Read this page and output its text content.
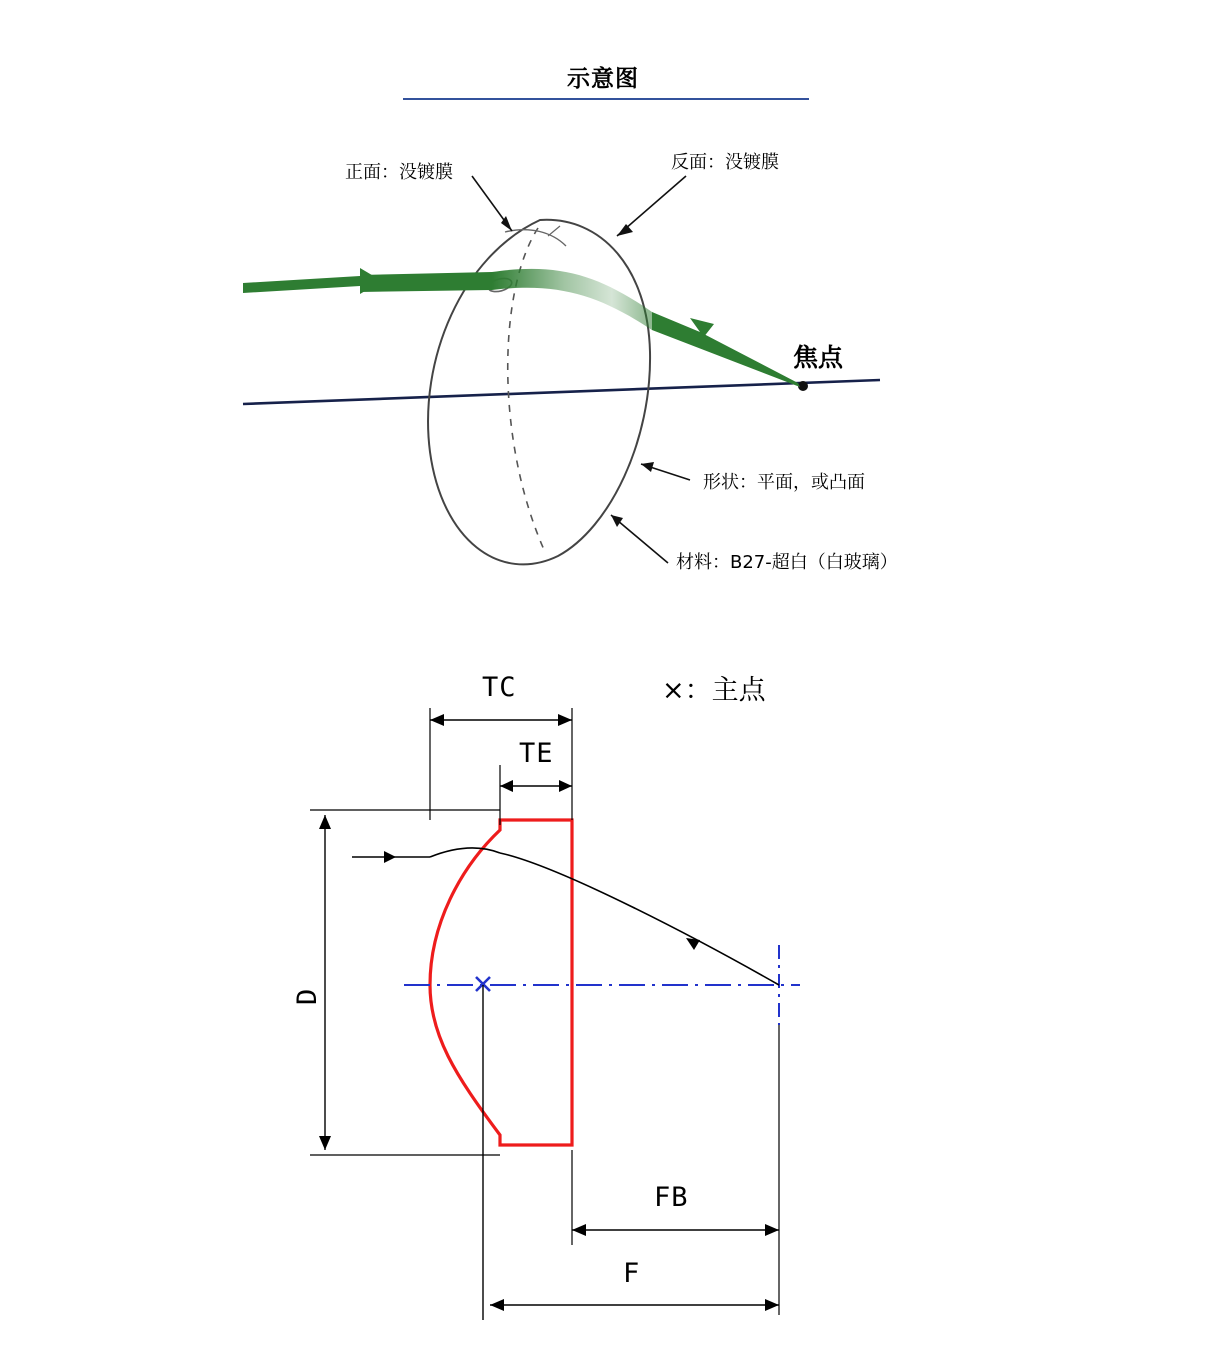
示意图
正面：没镀膜	反面：没镀膜
形状：平面，或凸面
材料：B27-超白（白玻璃）
焦点
TC
TE
D
FB
F
×：主点
